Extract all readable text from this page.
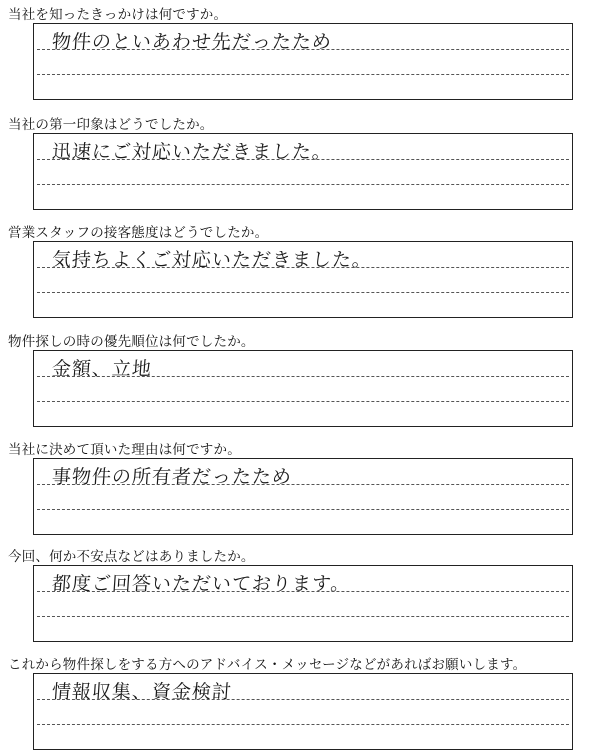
当社を知ったきっかけは何ですか。
物件のといあわせ先だったため
当社の第一印象はどうでしたか。
迅速にご対応いただきました。
営業スタッフの接客態度はどうでしたか。
気持ちよくご対応いただきました。
物件探しの時の優先順位は何でしたか。
金額、立地
当社に決めて頂いた理由は何ですか。
事物件の所有者だったため
今回、何か不安点などはありましたか。
都度ご回答いただいております。
これから物件探しをする方へのアドバイス・メッセージなどがあればお願いします。
情報収集、資金検討
